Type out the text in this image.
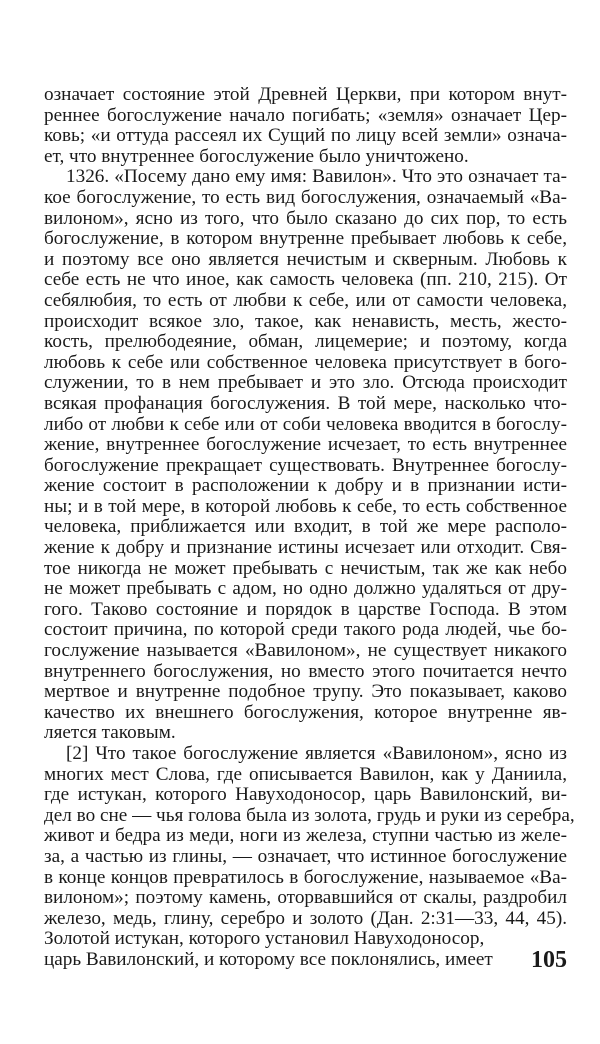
означает состояние этой Древней Церкви, при котором внут-
реннее богослужение начало погибать; «земля» означает Цер-
ковь; «и оттуда рассеял их Сущий по лицу всей земли» означа-
ет, что внутреннее богослужение было уничтожено.
1326. «Посему дано ему имя: Вавилон». Что это означает та-
кое богослужение, то есть вид богослужения, означаемый «Ва-
вилоном», ясно из того, что было сказано до сих пор, то есть
богослужение, в котором внутренне пребывает любовь к себе,
и поэтому все оно является нечистым и скверным. Любовь к
себе есть не что иное, как самость человека (пп. 210, 215). От
себялюбия, то есть от любви к себе, или от самости человека,
происходит всякое зло, такое, как ненависть, месть, жесто-
кость, прелюбодеяние, обман, лицемерие; и поэтому, когда
любовь к себе или собственное человека присутствует в бого-
служении, то в нем пребывает и это зло. Отсюда происходит
всякая профанация богослужения. В той мере, насколько что-
либо от любви к себе или от соби человека вводится в богослу-
жение, внутреннее богослужение исчезает, то есть внутреннее
богослужение прекращает существовать. Внутреннее богослу-
жение состоит в расположении к добру и в признании исти-
ны; и в той мере, в которой любовь к себе, то есть собственное
человека, приближается или входит, в той же мере располо-
жение к добру и признание истины исчезает или отходит. Свя-
тое никогда не может пребывать с нечистым, так же как небо
не может пребывать с адом, но одно должно удаляться от дру-
гого. Таково состояние и порядок в царстве Господа. В этом
состоит причина, по которой среди такого рода людей, чье бо-
гослужение называется «Вавилоном», не существует никакого
внутреннего богослужения, но вместо этого почитается нечто
мертвое и внутренне подобное трупу. Это показывает, каково
качество их внешнего богослужения, которое внутренне яв-
ляется таковым.
[2] Что такое богослужение является «Вавилоном», ясно из
многих мест Слова, где описывается Вавилон, как у Даниила,
где истукан, которого Навуходоносор, царь Вавилонский, ви-
дел во сне — чья голова была из золота, грудь и руки из серебра,
живот и бедра из меди, ноги из железа, ступни частью из желе-
за, а частью из глины, — означает, что истинное богослужение
в конце концов превратилось в богослужение, называемое «Ва-
вилоном»; поэтому камень, оторвавшийся от скалы, раздробил
железо, медь, глину, серебро и золото (Дан. 2:31—33, 44, 45).
Золотой истукан, которого установил Навуходоносор,
царь Вавилонский, и которому все поклонялись, имеет	105
